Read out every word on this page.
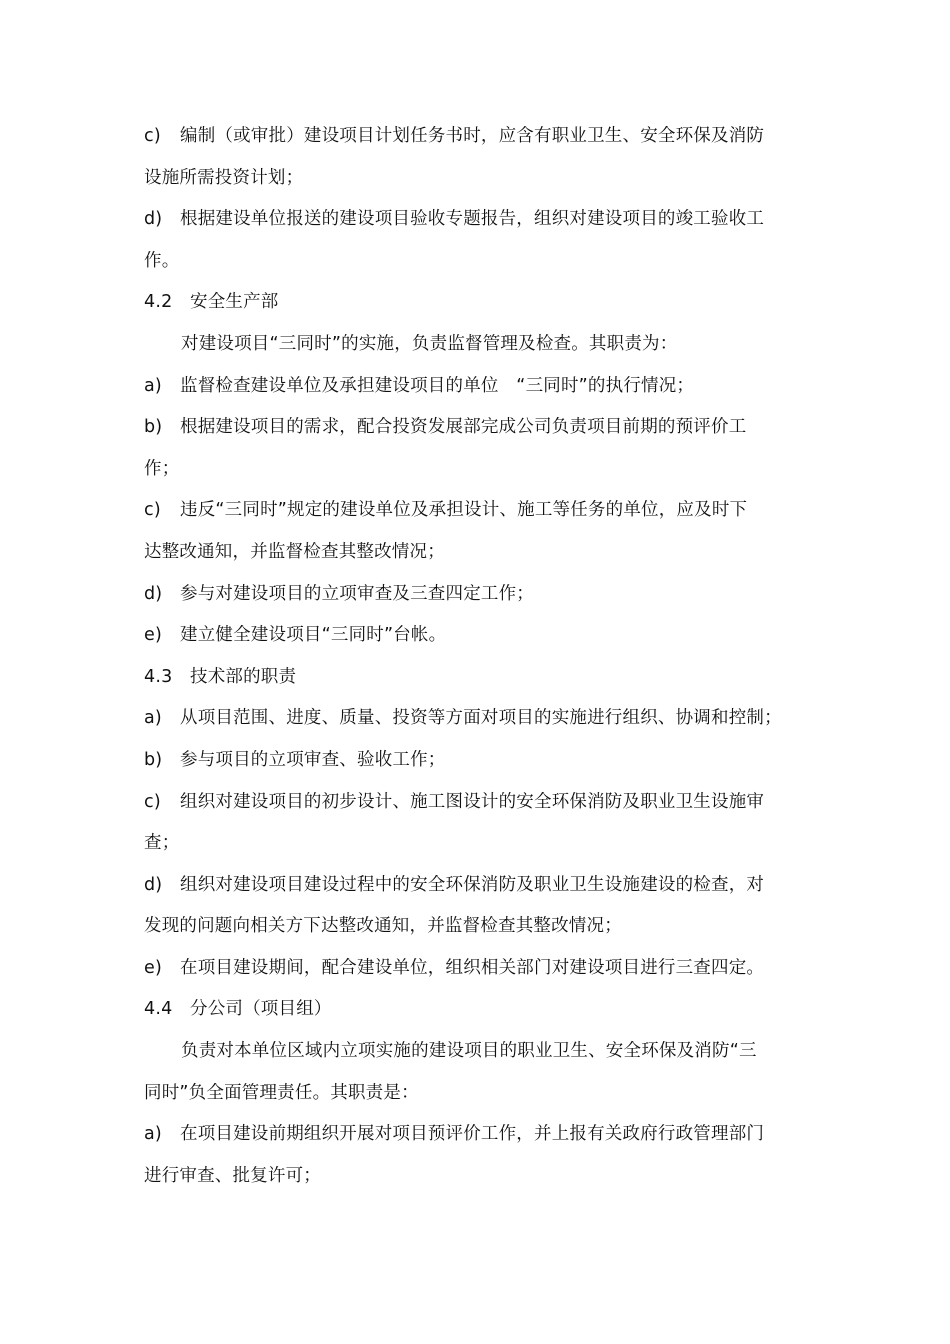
c) 编制（或审批）建设项目计划任务书时，应含有职业卫生、安全环保及消防
设施所需投资计划；
d) 根据建设单位报送的建设项目验收专题报告，组织对建设项目的竣工验收工
作。
4.2 安全生产部
对建设项目“三同时”的实施，负责监督管理及检查。其职责为：
a) 监督检查建设单位及承担建设项目的单位　“三同时”的执行情况；
b) 根据建设项目的需求，配合投资发展部完成公司负责项目前期的预评价工
作；
c) 违反“三同时”规定的建设单位及承担设计、施工等任务的单位，应及时下
达整改通知，并监督检查其整改情况；
d) 参与对建设项目的立项审查及三查四定工作；
e) 建立健全建设项目“三同时”台帐。
4.3 技术部的职责
a) 从项目范围、进度、质量、投资等方面对项目的实施进行组织、协调和控制；
b) 参与项目的立项审查、验收工作；
c) 组织对建设项目的初步设计、施工图设计的安全环保消防及职业卫生设施审
查；
d) 组织对建设项目建设过程中的安全环保消防及职业卫生设施建设的检查，对
发现的问题向相关方下达整改通知，并监督检查其整改情况；
e) 在项目建设期间，配合建设单位，组织相关部门对建设项目进行三查四定。
4.4 分公司（项目组）
负责对本单位区域内立项实施的建设项目的职业卫生、安全环保及消防“三
同时”负全面管理责任。其职责是：
a) 在项目建设前期组织开展对项目预评价工作，并上报有关政府行政管理部门
进行审查、批复许可；
